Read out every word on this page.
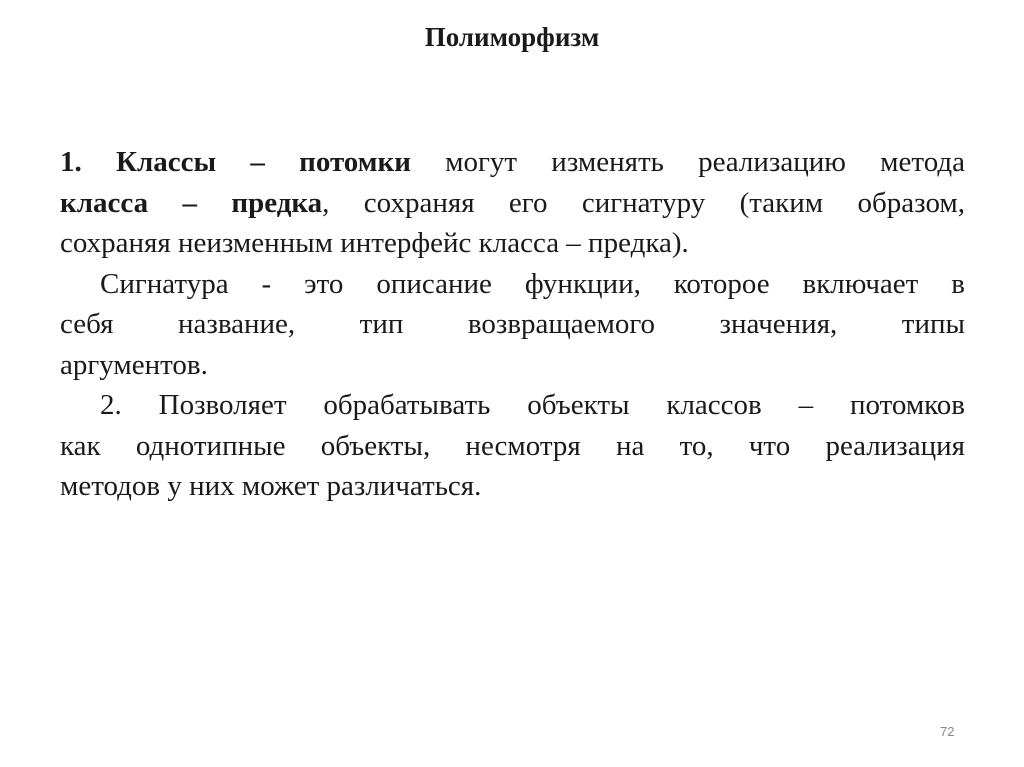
Полиморфизм
1. Классы – потомки могут изменять реализацию метода
класса – предка, сохраняя его сигнатуру (таким образом,
сохраняя неизменным интерфейс класса – предка).
Сигнатура - это описание функции, которое включает в
себя название, тип возвращаемого значения, типы
аргументов.
2. Позволяет обрабатывать объекты классов – потомков
как однотипные объекты, несмотря на то, что реализация
методов у них может различаться.
72
